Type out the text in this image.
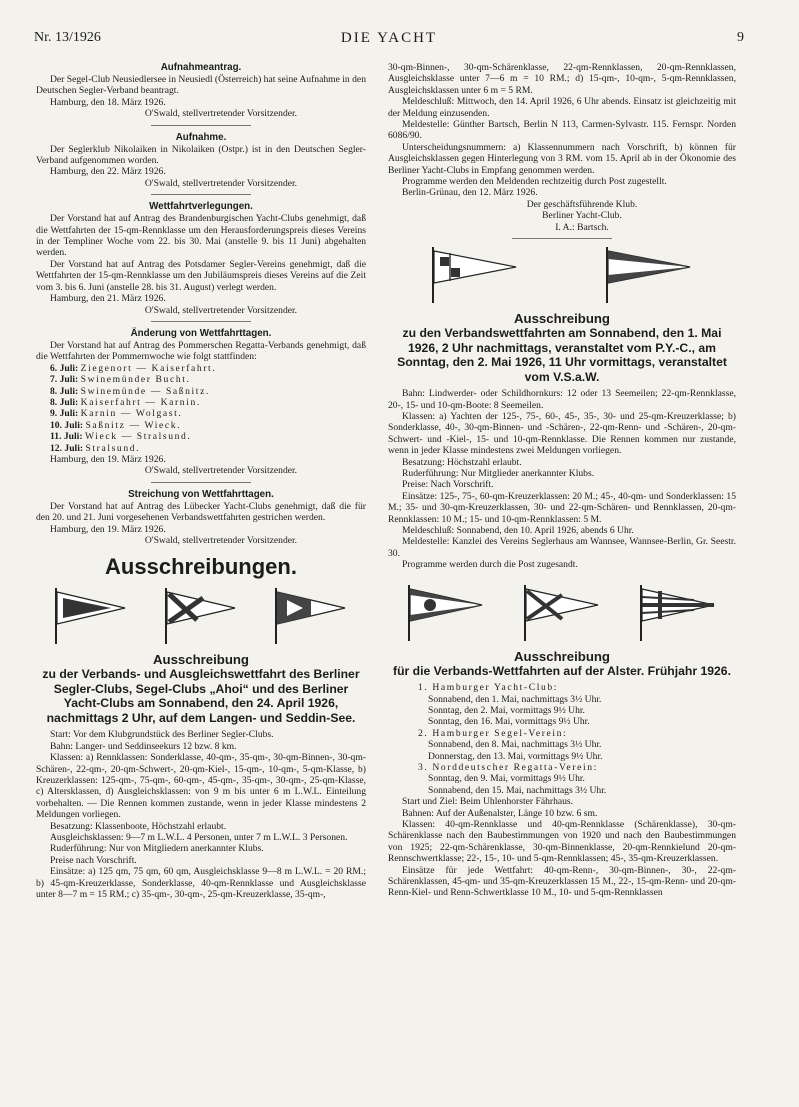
Nr. 13/1926	DIE YACHT	9

Aufnahmeantrag.

Der Segel-Club Neusiedlersee in Neusiedl (Österreich) hat seine Aufnahme in den Deutschen Segler-Verband beantragt.

Hamburg, den 18. März 1926.

O'Swald, stellvertretender Vorsitzender.

Aufnahme.

Der Seglerklub Nikolaiken in Nikolaiken (Ostpr.) ist in den Deutschen Segler-Verband aufgenommen worden.

Hamburg, den 22. März 1926.

O'Swald, stellvertretender Vorsitzender.

Wettfahrtverlegungen.

Der Vorstand hat auf Antrag des Brandenburgischen Yacht-Clubs genehmigt, daß die Wettfahrten der 15-qm-Rennklasse um den Herausforderungspreis dieses Vereins in der Templiner Woche vom 22. bis 30. Mai (anstelle 9. bis 11 Juni) abgehalten werden.

Der Vorstand hat auf Antrag des Potsdamer Segler-Vereins genehmigt, daß die Wettfahrten der 15-qm-Rennklasse um den Jubiläumspreis dieses Vereins auf die Zeit vom 3. bis 6. Juni (anstelle 28. bis 31. August) verlegt werden.

Hamburg, den 21. März 1926.

O'Swald, stellvertretender Vorsitzender.

Änderung von Wettfahrttagen.

Der Vorstand hat auf Antrag des Pommerschen Regatta-Verbands genehmigt, daß die Wettfahrten der Pommernwoche wie folgt stattfinden:

6. Juli: Ziegenort — Kaiserfahrt.

7. Juli: Swinemünder Bucht.

8. Juli: Swinemünde — Saßnitz.

8. Juli: Kaiserfahrt — Karnin.

9. Juli: Karnin — Wolgast.

10. Juli: Saßnitz — Wieck.

11. Juli: Wieck — Stralsund.

12. Juli: Stralsund.

Hamburg, den 19. März 1926.

O'Swald, stellvertretender Vorsitzender.

Streichung von Wettfahrttagen.

Der Vorstand hat auf Antrag des Lübecker Yacht-Clubs genehmigt, daß die für den 20. und 21. Juni vorgesehenen Verbandswettfahrten gestrichen werden.

Hamburg, den 19. März 1926.

O'Swald, stellvertretender Vorsitzender.

Ausschreibungen.

Ausschreibung

zu der Verbands- und Ausgleichswettfahrt des Berliner Segler-Clubs, Segel-Clubs „Ahoi“ und des Berliner Yacht-Clubs am Sonnabend, den 24. April 1926, nachmittags 2 Uhr, auf dem Langen- und Seddin-See.

Start: Vor dem Klubgrundstück des Berliner Segler-Clubs.

Bahn: Langer- und Seddinseekurs 12 bzw. 8 km.

Klassen: a) Rennklassen: Sonderklasse, 40-qm-, 35-qm-, 30-qm-Binnen-, 30-qm-Schären-, 22-qm-, 20-qm-Schwert-, 20-qm-Kiel-, 15-qm-, 10-qm-, 5-qm-Klasse, b) Kreuzerklassen: 125-qm-, 75-qm-, 60-qm-, 45-qm-, 35-qm-, 30-qm-, 25-qm-Klasse, c) Altersklassen, d) Ausgleichsklassen: von 9 m bis unter 6 m L.W.L. Einteilung vorbehalten. — Die Rennen kommen zustande, wenn in jeder Klasse mindestens 2 Meldungen vorliegen.

Besatzung: Klassenboote, Höchstzahl erlaubt.

Ausgleichsklassen: 9—7 m L.W.L. 4 Personen, unter 7 m L.W.L. 3 Personen.

Ruderführung: Nur von Mitgliedern anerkannter Klubs.

Preise nach Vorschrift.

Einsätze: a) 125 qm, 75 qm, 60 qm, Ausgleichsklasse 9—8 m L.W.L. = 20 RM.; b) 45-qm-Kreuzerklasse, Sonderklasse, 40-qm-Rennklasse und Ausgleichsklasse unter 8—7 m = 15 RM.; c) 35-qm-, 30-qm-, 25-qm-Kreuzerklasse, 35-qm-,

30-qm-Binnen-, 30-qm-Schärenklasse, 22-qm-Rennklassen, 20-qm-Rennklassen, Ausgleichsklasse unter 7—6 m = 10 RM.; d) 15-qm-, 10-qm-, 5-qm-Rennklassen, Ausgleichsklassen unter 6 m = 5 RM.

Meldeschluß: Mittwoch, den 14. April 1926, 6 Uhr abends. Einsatz ist gleichzeitig mit der Meldung einzusenden.

Meldestelle: Günther Bartsch, Berlin N 113, Carmen-Sylvastr. 115. Fernspr. Norden 6086/90.

Unterscheidungsnummern: a) Klassennummern nach Vorschrift, b) können für Ausgleichsklassen gegen Hinterlegung von 3 RM. vom 15. April ab in der Ökonomie des Berliner Yacht-Clubs in Empfang genommen werden.

Programme werden den Meldenden rechtzeitig durch Post zugestellt.

Berlin-Grünau, den 12. März 1926.

Der geschäftsführende Klub.

Berliner Yacht-Club.

I. A.: Bartsch.

Ausschreibung

zu den Verbandswettfahrten am Sonnabend, den 1. Mai 1926, 2 Uhr nachmittags, veranstaltet vom P.Y.-C., am Sonntag, den 2. Mai 1926, 11 Uhr vormittags, veranstaltet vom V.S.a.W.

Bahn: Lindwerder- oder Schildhornkurs: 12 oder 13 Seemeilen; 22-qm-Rennklasse, 20-, 15- und 10-qm-Boote: 8 Seemeilen.

Klassen: a) Yachten der 125-, 75-, 60-, 45-, 35-, 30- und 25-qm-Kreuzerklasse; b) Sonderklasse, 40-, 30-qm-Binnen- und -Schären-, 22-qm-Renn- und -Schären-, 20-qm-Schwert- und -Kiel-, 15- und 10-qm-Rennklasse. Die Rennen kommen nur zustande, wenn in jeder Klasse mindestens zwei Meldungen vorliegen.

Besatzung: Höchstzahl erlaubt.

Ruderführung: Nur Mitglieder anerkannter Klubs.

Preise: Nach Vorschrift.

Einsätze: 125-, 75-, 60-qm-Kreuzerklassen: 20 M.; 45-, 40-qm- und Sonderklassen: 15 M.; 35- und 30-qm-Kreuzerklassen, 30- und 22-qm-Schären- und Rennklassen, 20-qm-Rennklassen: 10 M.; 15- und 10-qm-Rennklassen: 5 M.

Meldeschluß: Sonnabend, den 10. April 1926, abends 6 Uhr.

Meldestelle: Kanzlei des Vereins Seglerhaus am Wannsee, Wannsee-Berlin, Gr. Seestr. 30.

Programme werden durch die Post zugesandt.

Ausschreibung

für die Verbands-Wettfahrten auf der Alster. Frühjahr 1926.

1. Hamburger Yacht-Club:

Sonnabend, den 1. Mai, nachmittags 3½ Uhr.

Sonntag, den 2. Mai, vormittags 9½ Uhr.

Sonntag, den 16. Mai, vormittags 9½ Uhr.

2. Hamburger Segel-Verein:

Sonnabend, den 8. Mai, nachmittags 3½ Uhr.

Donnerstag, den 13. Mai, vormittags 9½ Uhr.

3. Norddeutscher Regatta-Verein:

Sonntag, den 9. Mai, vormittags 9½ Uhr.

Sonnabend, den 15. Mai, nachmittags 3½ Uhr.

Start und Ziel: Beim Uhlenhorster Fährhaus.

Bahnen: Auf der Außenalster, Länge 10 bzw. 6 sm.

Klassen: 40-qm-Rennklasse und 40-qm-Rennklasse (Schärenklasse), 30-qm-Schärenklasse nach den Baubestimmungen von 1920 und nach den Baubestimmungen von 1925; 22-qm-Schärenklasse, 30-qm-Binnenklasse, 20-qm-Rennkielund 20-qm-Rennschwertklasse; 22-, 15-, 10- und 5-qm-Rennklassen; 45-, 35-qm-Kreuzerklassen.

Einsätze für jede Wettfahrt: 40-qm-Renn-, 30-qm-Binnen-, 30-, 22-qm-Schärenklassen, 45-qm- und 35-qm-Kreuzerklassen 15 M., 22-, 15-qm-Renn- und 20-qm-Renn-Kiel- und Renn-Schwertklasse 10 M., 10- und 5-qm-Rennklassen
